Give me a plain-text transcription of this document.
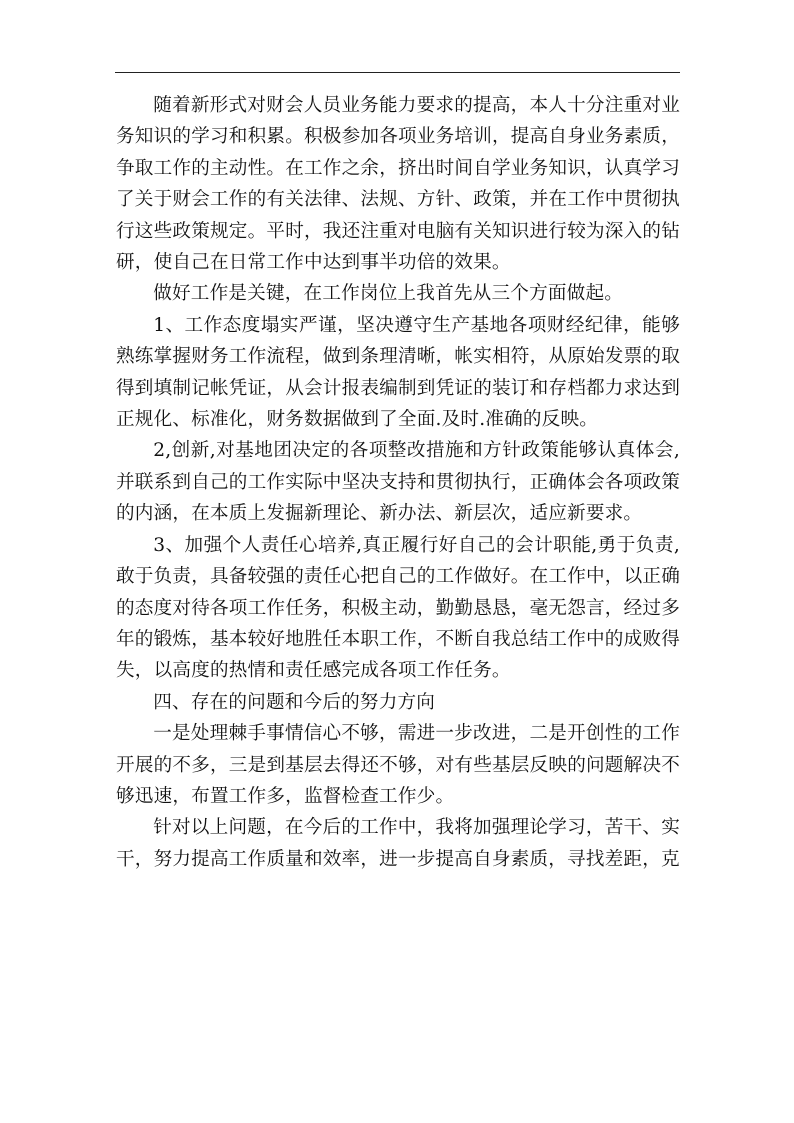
随着新形式对财会人员业务能力要求的提高，本人十分注重对业务知识的学习和积累。积极参加各项业务培训，提高自身业务素质，争取工作的主动性。在工作之余，挤出时间自学业务知识，认真学习了关于财会工作的有关法律、法规、方针、政策，并在工作中贯彻执行这些政策规定。平时，我还注重对电脑有关知识进行较为深入的钻研，使自己在日常工作中达到事半功倍的效果。

做好工作是关键，在工作岗位上我首先从三个方面做起。

1、工作态度塌实严谨，坚决遵守生产基地各项财经纪律，能够熟练掌握财务工作流程，做到条理清晰，帐实相符，从原始发票的取得到填制记帐凭证，从会计报表编制到凭证的装订和存档都力求达到正规化、标准化，财务数据做到了全面.及时.准确的反映。

2,创新,对基地团决定的各项整改措施和方针政策能够认真体会,并联系到自己的工作实际中坚决支持和贯彻执行，正确体会各项政策的内涵，在本质上发掘新理论、新办法、新层次，适应新要求。

3、加强个人责任心培养,真正履行好自己的会计职能,勇于负责,敢于负责，具备较强的责任心把自己的工作做好。在工作中，以正确的态度对待各项工作任务，积极主动，勤勤恳恳，毫无怨言，经过多年的锻炼，基本较好地胜任本职工作，不断自我总结工作中的成败得失，以高度的热情和责任感完成各项工作任务。

四、存在的问题和今后的努力方向

一是处理棘手事情信心不够，需进一步改进，二是开创性的工作开展的不多，三是到基层去得还不够，对有些基层反映的问题解决不够迅速，布置工作多，监督检查工作少。

针对以上问题，在今后的工作中，我将加强理论学习，苦干、实干，努力提高工作质量和效率，进一步提高自身素质，寻找差距，克
